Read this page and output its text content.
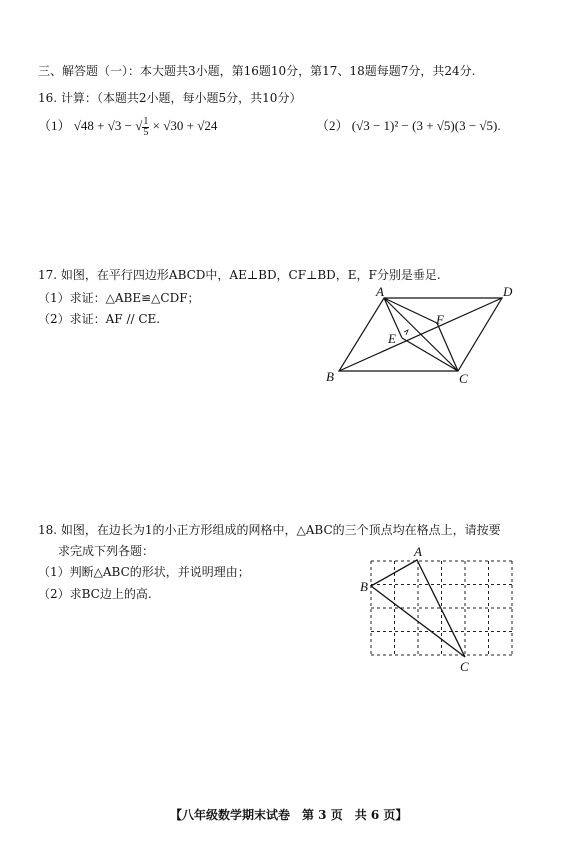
三、解答题（一）：本大题共3小题，第16题10分，第17、18题每题7分，共24分.
16. 计算：（本题共2小题，每小题5分，共10分）
（1） √48 + √3 − √ $\frac{1}{5} \times √30 + √24$	（2） (√3 − 1)² − (3 + √5)(3 − √5).
17. 如图，在平行四边形ABCD中，AE⊥BD，CF⊥BD，E，F分别是垂足.
（1）求证：△ABE≌△CDF；
（2）求证：AF // CE.
A	D
B	C
E
F
18. 如图，在边长为1的小正方形组成的网格中，△ABC的三个顶点均在格点上，请按要
求完成下列各题：
（1）判断△ABC的形状，并说明理由；
（2）求BC边上的高.
A
B
C
【八年级数学期末试卷　第 3 页　共 6 页】
